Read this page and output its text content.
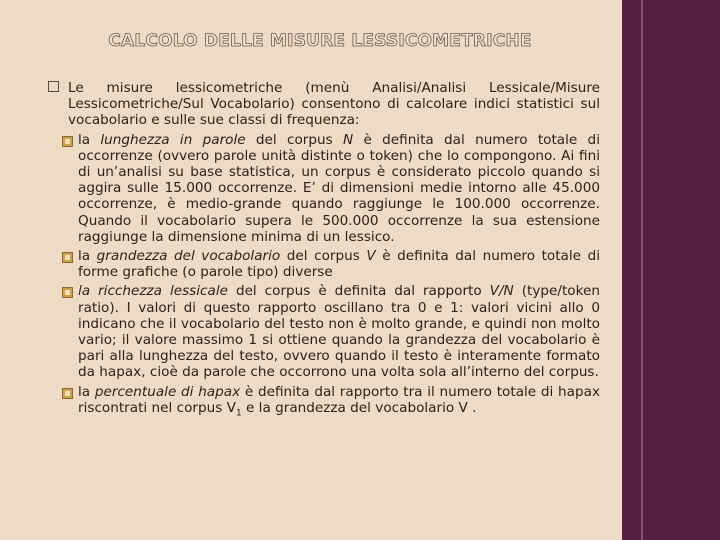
CALCOLO DELLE MISURE LESSICOMETRICHE
Le misure lessicometriche (menù Analisi/Analisi Lessicale/Misure Lessicometriche/Sul Vocabolario) consentono di calcolare indici statistici sul vocabolario e sulle sue classi di frequenza:
la lunghezza in parole del corpus N è definita dal numero totale di occorrenze (ovvero parole unità distinte o token) che lo compongono. Ai fini di un’analisi su base statistica, un corpus è considerato piccolo quando si aggira sulle 15.000 occorrenze. E’ di dimensioni medie intorno alle 45.000 occorrenze, è medio-grande quando raggiunge le 100.000 occorrenze. Quando il vocabolario supera le 500.000 occorrenze la sua estensione raggiunge la dimensione minima di un lessico.
la grandezza del vocabolario del corpus V è definita dal numero totale di forme grafiche (o parole tipo) diverse
la ricchezza lessicale del corpus è definita dal rapporto V/N (type/token ratio). I valori di questo rapporto oscillano tra 0 e 1: valori vicini allo 0 indicano che il vocabolario del testo non è molto grande, e quindi non molto vario; il valore massimo 1 si ottiene quando la grandezza del vocabolario è pari alla lunghezza del testo, ovvero quando il testo è interamente formato da hapax, cioè da parole che occorrono una volta sola all’interno del corpus.
la percentuale di hapax è definita dal rapporto tra il numero totale di hapax riscontrati nel corpus $V_1$ e la grandezza del vocabolario V .
